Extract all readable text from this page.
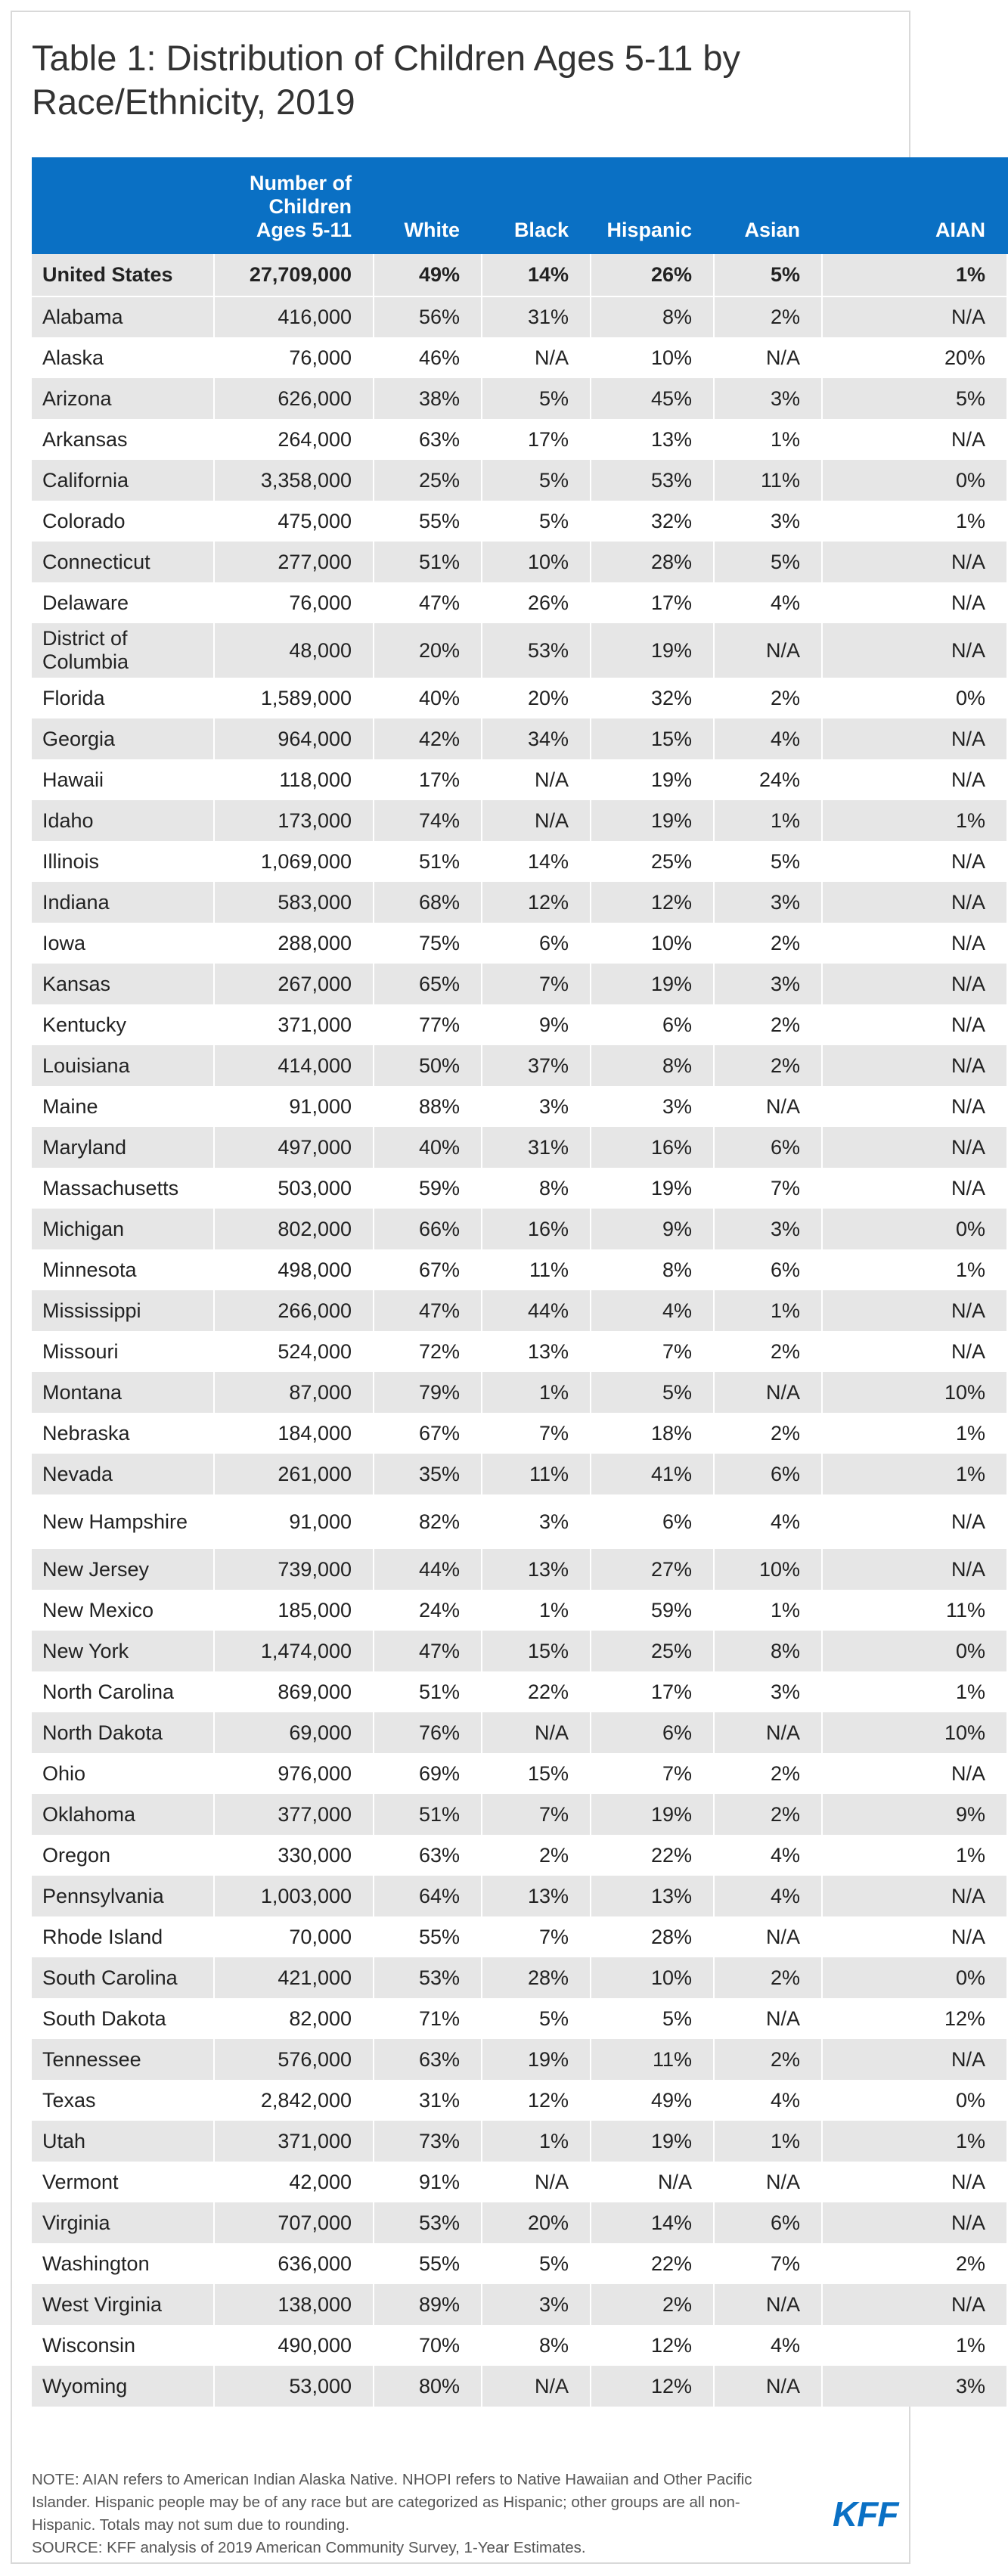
Table 1: Distribution of Children Ages 5-11 by Race/Ethnicity, 2019
	Number of Children Ages 5-11	White	Black	Hispanic	Asian	AIAN
United States	27,709,000	49%	14%	26%	5%	1%
Alabama	416,000	56%	31%	8%	2%	N/A
Alaska	76,000	46%	N/A	10%	N/A	20%
Arizona	626,000	38%	5%	45%	3%	5%
Arkansas	264,000	63%	17%	13%	1%	N/A
California	3,358,000	25%	5%	53%	11%	0%
Colorado	475,000	55%	5%	32%	3%	1%
Connecticut	277,000	51%	10%	28%	5%	N/A
Delaware	76,000	47%	26%	17%	4%	N/A
District of Columbia	48,000	20%	53%	19%	N/A	N/A
Florida	1,589,000	40%	20%	32%	2%	0%
Georgia	964,000	42%	34%	15%	4%	N/A
Hawaii	118,000	17%	N/A	19%	24%	N/A
Idaho	173,000	74%	N/A	19%	1%	1%
Illinois	1,069,000	51%	14%	25%	5%	N/A
Indiana	583,000	68%	12%	12%	3%	N/A
Iowa	288,000	75%	6%	10%	2%	N/A
Kansas	267,000	65%	7%	19%	3%	N/A
Kentucky	371,000	77%	9%	6%	2%	N/A
Louisiana	414,000	50%	37%	8%	2%	N/A
Maine	91,000	88%	3%	3%	N/A	N/A
Maryland	497,000	40%	31%	16%	6%	N/A
Massachusetts	503,000	59%	8%	19%	7%	N/A
Michigan	802,000	66%	16%	9%	3%	0%
Minnesota	498,000	67%	11%	8%	6%	1%
Mississippi	266,000	47%	44%	4%	1%	N/A
Missouri	524,000	72%	13%	7%	2%	N/A
Montana	87,000	79%	1%	5%	N/A	10%
Nebraska	184,000	67%	7%	18%	2%	1%
Nevada	261,000	35%	11%	41%	6%	1%
New Hampshire	91,000	82%	3%	6%	4%	N/A
New Jersey	739,000	44%	13%	27%	10%	N/A
New Mexico	185,000	24%	1%	59%	1%	11%
New York	1,474,000	47%	15%	25%	8%	0%
North Carolina	869,000	51%	22%	17%	3%	1%
North Dakota	69,000	76%	N/A	6%	N/A	10%
Ohio	976,000	69%	15%	7%	2%	N/A
Oklahoma	377,000	51%	7%	19%	2%	9%
Oregon	330,000	63%	2%	22%	4%	1%
Pennsylvania	1,003,000	64%	13%	13%	4%	N/A
Rhode Island	70,000	55%	7%	28%	N/A	N/A
South Carolina	421,000	53%	28%	10%	2%	0%
South Dakota	82,000	71%	5%	5%	N/A	12%
Tennessee	576,000	63%	19%	11%	2%	N/A
Texas	2,842,000	31%	12%	49%	4%	0%
Utah	371,000	73%	1%	19%	1%	1%
Vermont	42,000	91%	N/A	N/A	N/A	N/A
Virginia	707,000	53%	20%	14%	6%	N/A
Washington	636,000	55%	5%	22%	7%	2%
West Virginia	138,000	89%	3%	2%	N/A	N/A
Wisconsin	490,000	70%	8%	12%	4%	1%
Wyoming	53,000	80%	N/A	12%	N/A	3%

NOTE: AIAN refers to American Indian Alaska Native. NHOPI refers to Native Hawaiian and Other Pacific Islander. Hispanic people may be of any race but are categorized as Hispanic; other groups are all non-Hispanic. Totals may not sum due to rounding.
SOURCE: KFF analysis of 2019 American Community Survey, 1-Year Estimates.

KFF
